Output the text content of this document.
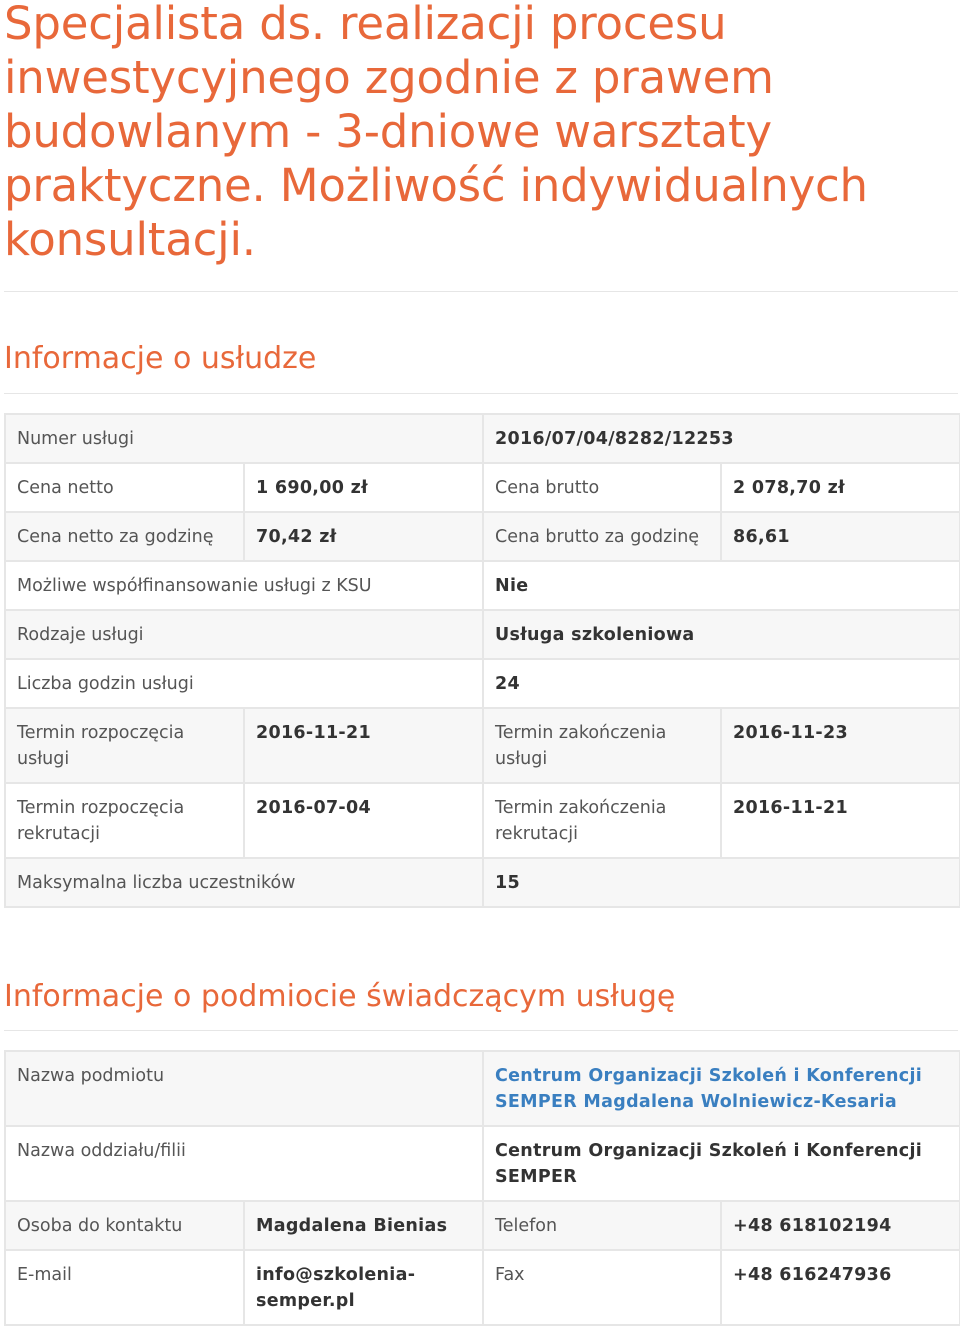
Specjalista ds. realizacji procesu inwestycyjnego zgodnie z prawem budowlanym - 3-dniowe warsztaty praktyczne. Możliwość indywidualnych konsultacji.
Informacje o usłudze
Numer usługi		2016/07/04/8282/12253	
Cena netto	1 690,00 zł	Cena brutto	2 078,70 zł
Cena netto za godzinę	70,42 zł	Cena brutto za godzinę	86,61
Możliwe współfinansowanie usługi z KSU		Nie	
Rodzaje usługi		Usługa szkoleniowa	
Liczba godzin usługi		24	
Termin rozpoczęcia usługi	2016-11-21	Termin zakończenia usługi	2016-11-23
Termin rozpoczęcia rekrutacji	2016-07-04	Termin zakończenia rekrutacji	2016-11-21
Maksymalna liczba uczestników		15	
Informacje o podmiocie świadczącym usługę
Nazwa podmiotu		Centrum Organizacji Szkoleń i Konferencji SEMPER Magdalena Wolniewicz-Kesaria	
Nazwa oddziału/filii		Centrum Organizacji Szkoleń i Konferencji SEMPER	
Osoba do kontaktu	Magdalena Bienias	Telefon	+48 618102194
E-mail	info@szkolenia-semper.pl	Fax	+48 616247936
